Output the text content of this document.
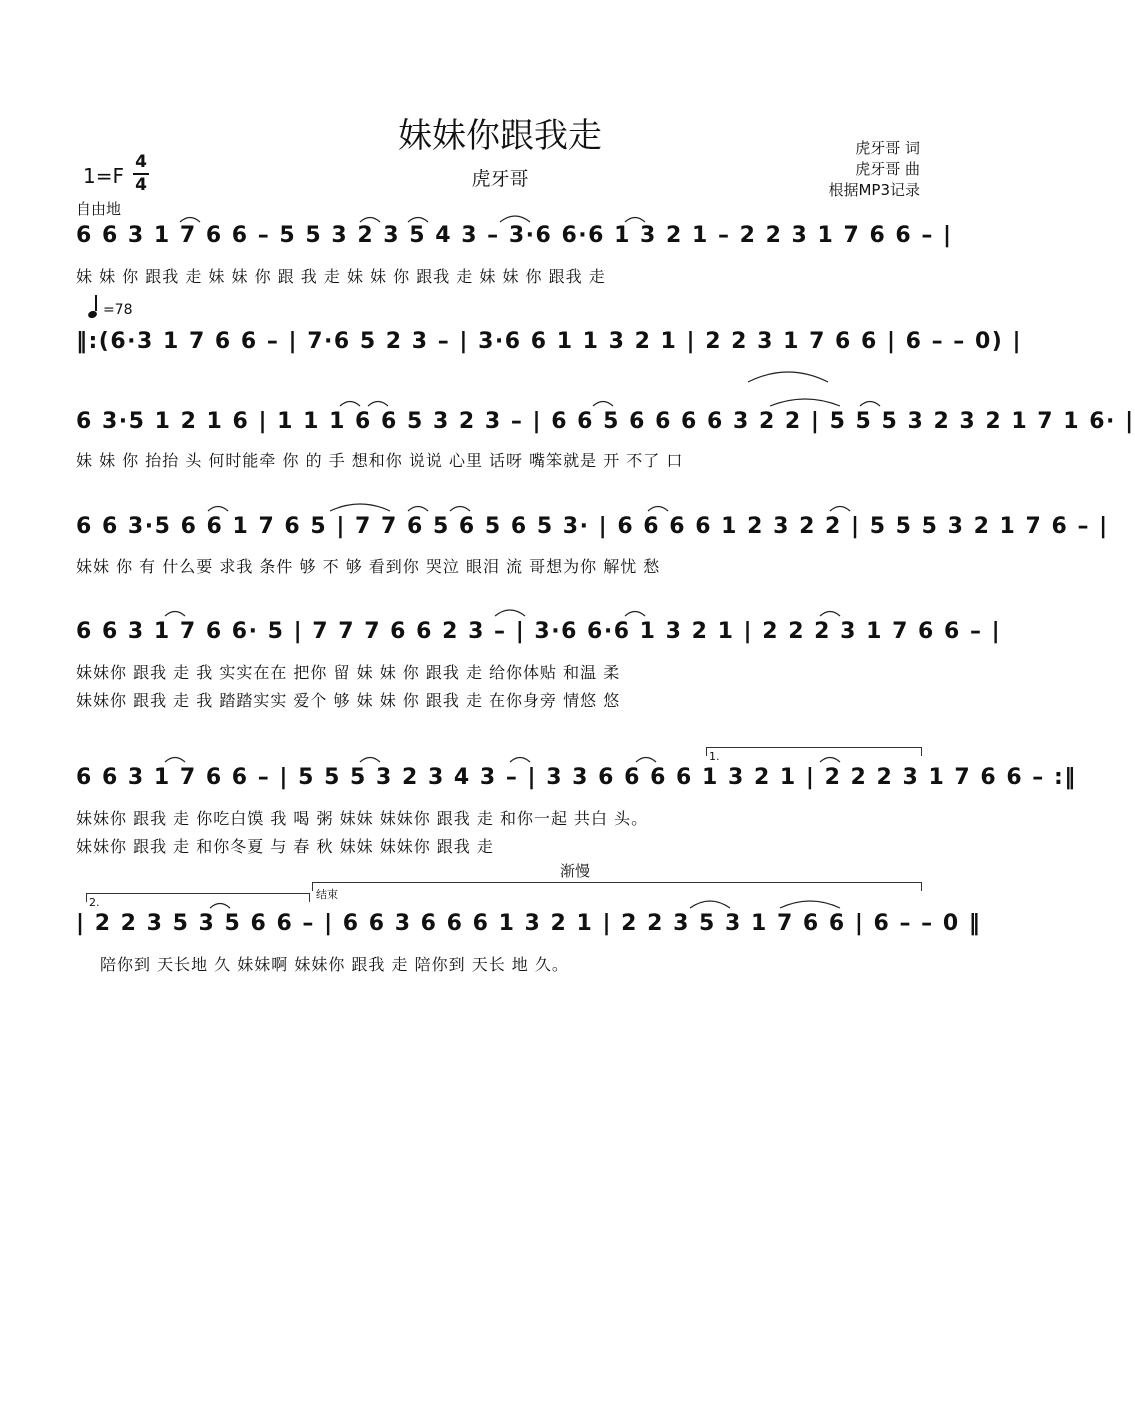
妹妹你跟我走
1=F
4
4	虎牙哥
虎牙哥 词
虎牙哥 曲
根据MP3记录
自由地
6 6 3 1 7 6 6 – 5 5 3 2 3 5 4 3 – 3·6 6·6 1 3 2 1 – 2 2 3 1 7 6 6 – |
妹 妹 你 跟我 走 妹 妹 你 跟 我 走 妹 妹 你 跟我 走 妹 妹 你 跟我 走
=78
‖:(6·3 1 7 6 6 – | 7·6 5 2 3 – | 3·6 6 1 1 3 2 1 | 2 2 3 1 7 6 6 | 6 – – 0) |
6 3·5 1 2 1 6 | 1 1 1 6 6 5 3 2 3 – | 6 6 5 6 6 6 6 3 2 2 | 5 5 5 3 2 3 2 1 7 1 6· |
妹 妹 你 抬抬 头 何时能牵 你 的 手 想和你 说说 心里 话呀 嘴笨就是 开 不了 口
6 6 3·5 6 6 1 7 6 5 | 7 7 6 5 6 5 6 5 3· | 6 6 6 6 1 2 3 2 2 | 5 5 5 3 2 1 7 6 – |
妹妹 你 有 什么要 求我 条件 够 不 够 看到你 哭泣 眼泪 流 哥想为你 解忧 愁
6 6 3 1 7 6 6· 5 | 7 7 7 6 6 2 3 – | 3·6 6·6 1 3 2 1 | 2 2 2 3 1 7 6 6 – |
妹妹你 跟我 走 我 实实在在 把你 留 妹 妹 你 跟我 走 给你体贴 和温 柔
妹妹你 跟我 走 我 踏踏实实 爱个 够 妹 妹 你 跟我 走 在你身旁 情悠 悠
1.
6 6 3 1 7 6 6 – | 5 5 5 3 2 3 4 3 – | 3 3 6 6 6 6 1 3 2 1 | 2 2 2 3 1 7 6 6 – :‖
妹妹你 跟我 走 你吃白馍 我 喝 粥 妹妹 妹妹你 跟我 走 和你一起 共白 头。
妹妹你 跟我 走 和你冬夏 与 春 秋 妹妹 妹妹你 跟我 走
渐慢
2.
结束
| 2 2 3 5 3 5 6 6 – | 6 6 3 6 6 6 1 3 2 1 | 2 2 3 5 3 1 7 6 6 | 6 – – 0 ‖
陪你到 天长地 久 妹妹啊 妹妹你 跟我 走 陪你到 天长 地 久。
